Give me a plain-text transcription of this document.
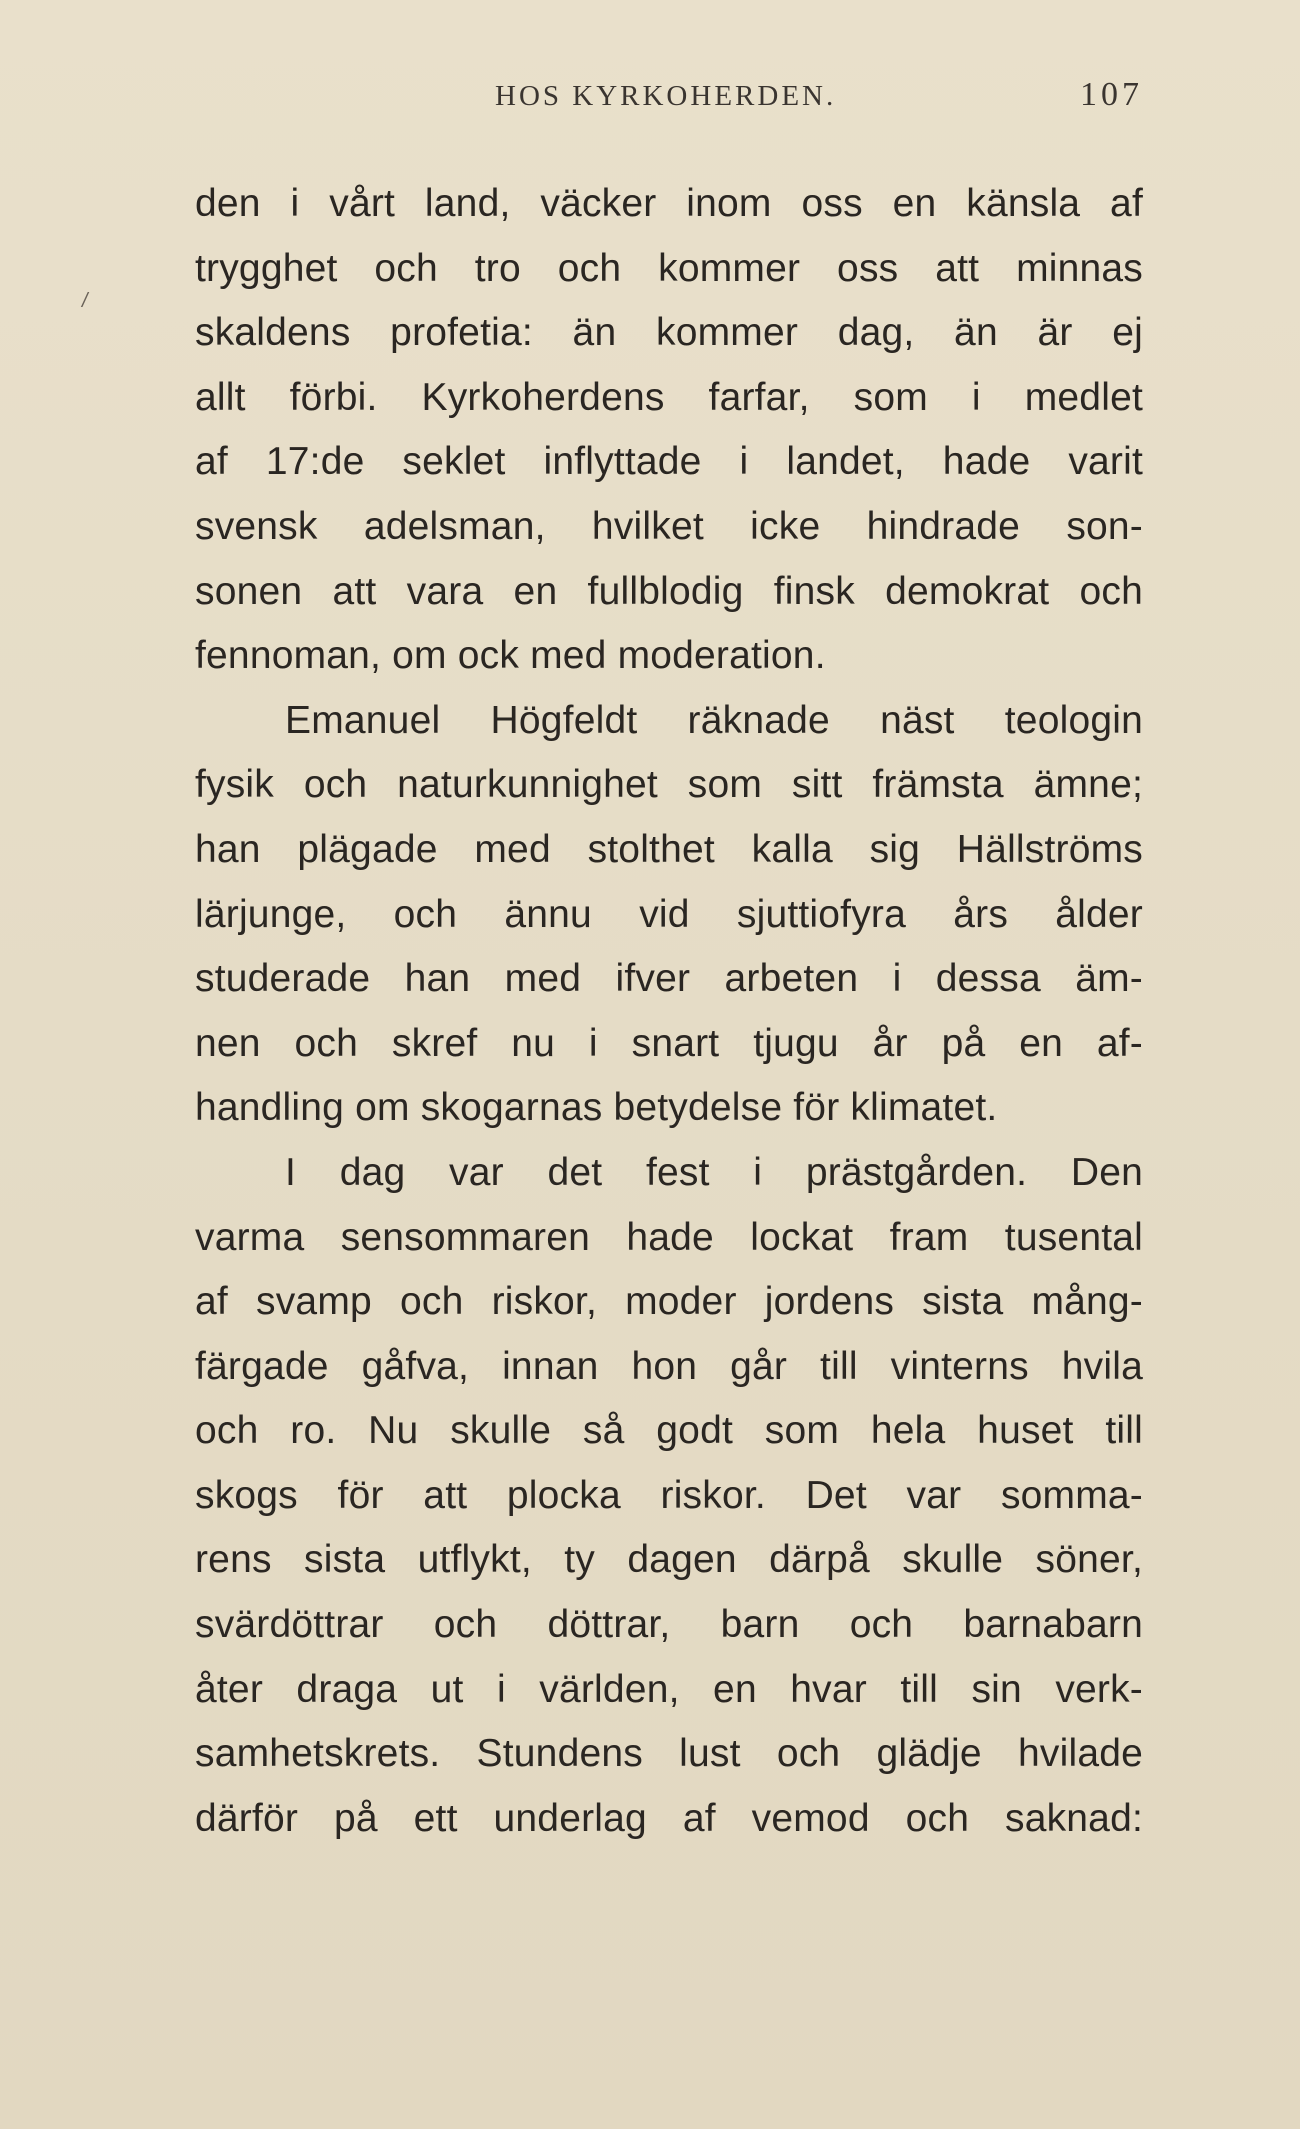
HOS KYRKOHERDEN.	107
/
den i vårt land, väcker inom oss en känsla af
trygghet och tro och kommer oss att minnas
skaldens profetia: än kommer dag, än är ej
allt förbi. Kyrkoherdens farfar, som i medlet
af 17:de seklet inflyttade i landet, hade varit
svensk adelsman, hvilket icke hindrade son-
sonen att vara en fullblodig finsk demokrat och
fennoman, om ock med moderation.
Emanuel Högfeldt räknade näst teologin
fysik och naturkunnighet som sitt främsta ämne;
han plägade med stolthet kalla sig Hällströms
lärjunge, och ännu vid sjuttiofyra års ålder
studerade han med ifver arbeten i dessa äm-
nen och skref nu i snart tjugu år på en af-
handling om skogarnas betydelse för klimatet.
I dag var det fest i prästgården. Den
varma sensommaren hade lockat fram tusental
af svamp och riskor, moder jordens sista mång-
färgade gåfva, innan hon går till vinterns hvila
och ro. Nu skulle så godt som hela huset till
skogs för att plocka riskor. Det var somma-
rens sista utflykt, ty dagen därpå skulle söner,
svärdöttrar och döttrar, barn och barnabarn
åter draga ut i världen, en hvar till sin verk-
samhetskrets. Stundens lust och glädje hvilade
därför på ett underlag af vemod och saknad:
